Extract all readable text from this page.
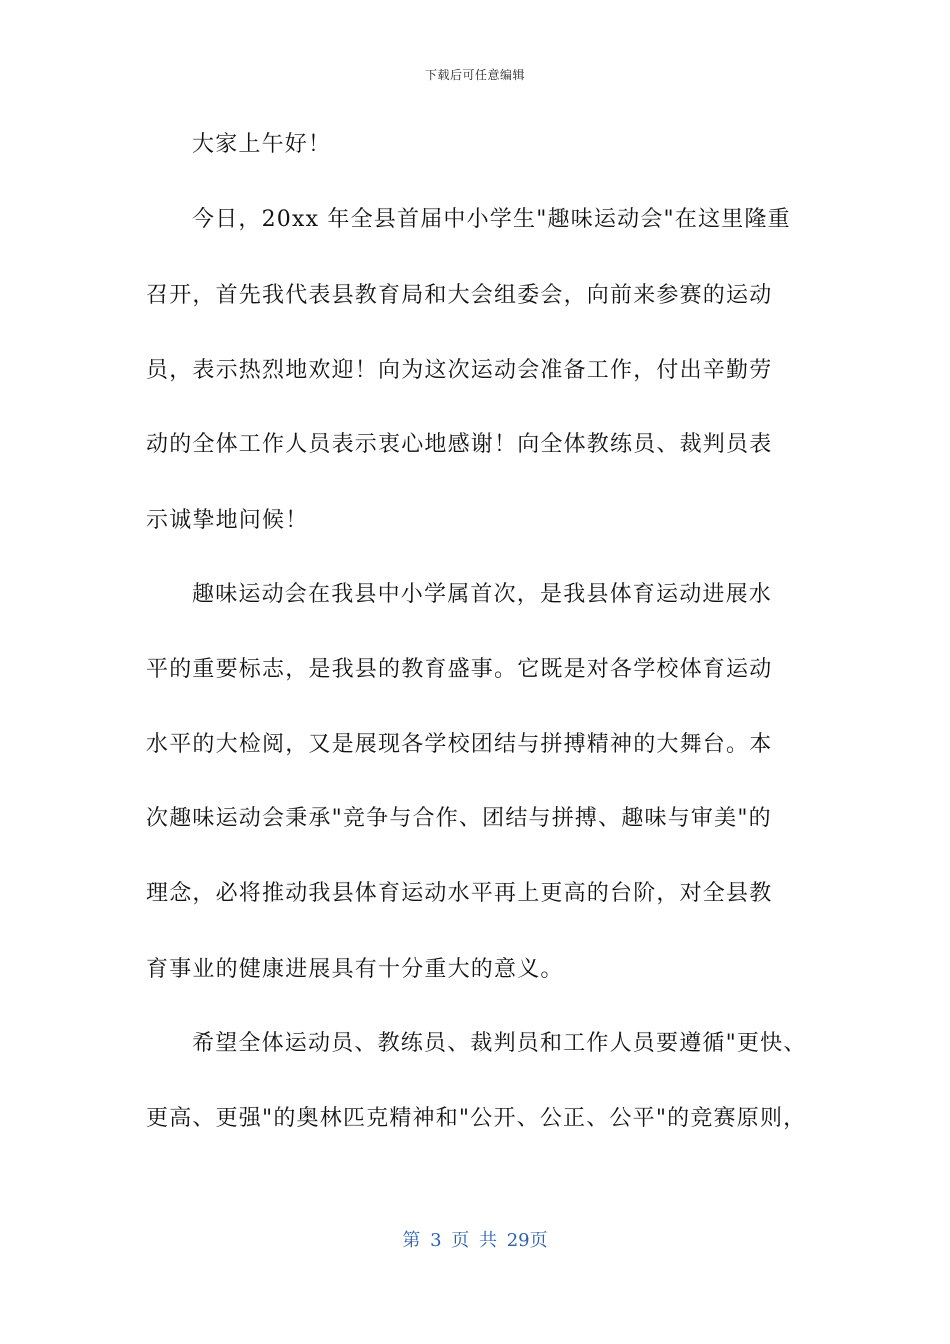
下载后可任意编辑
大家上午好！
今日，20xx 年全县首届中小学生"趣味运动会"在这里隆重
召开，首先我代表县教育局和大会组委会，向前来参赛的运动
员，表示热烈地欢迎！向为这次运动会准备工作，付出辛勤劳
动的全体工作人员表示衷心地感谢！向全体教练员、裁判员表
示诚挚地问候！
趣味运动会在我县中小学属首次，是我县体育运动进展水
平的重要标志，是我县的教育盛事。它既是对各学校体育运动
水平的大检阅，又是展现各学校团结与拼搏精神的大舞台。本
次趣味运动会秉承"竞争与合作、团结与拼搏、趣味与审美"的
理念，必将推动我县体育运动水平再上更高的台阶，对全县教
育事业的健康进展具有十分重大的意义。
希望全体运动员、教练员、裁判员和工作人员要遵循"更快、
更高、更强"的奥林匹克精神和"公开、公正、公平"的竞赛原则，
第 3 页 共 29页
